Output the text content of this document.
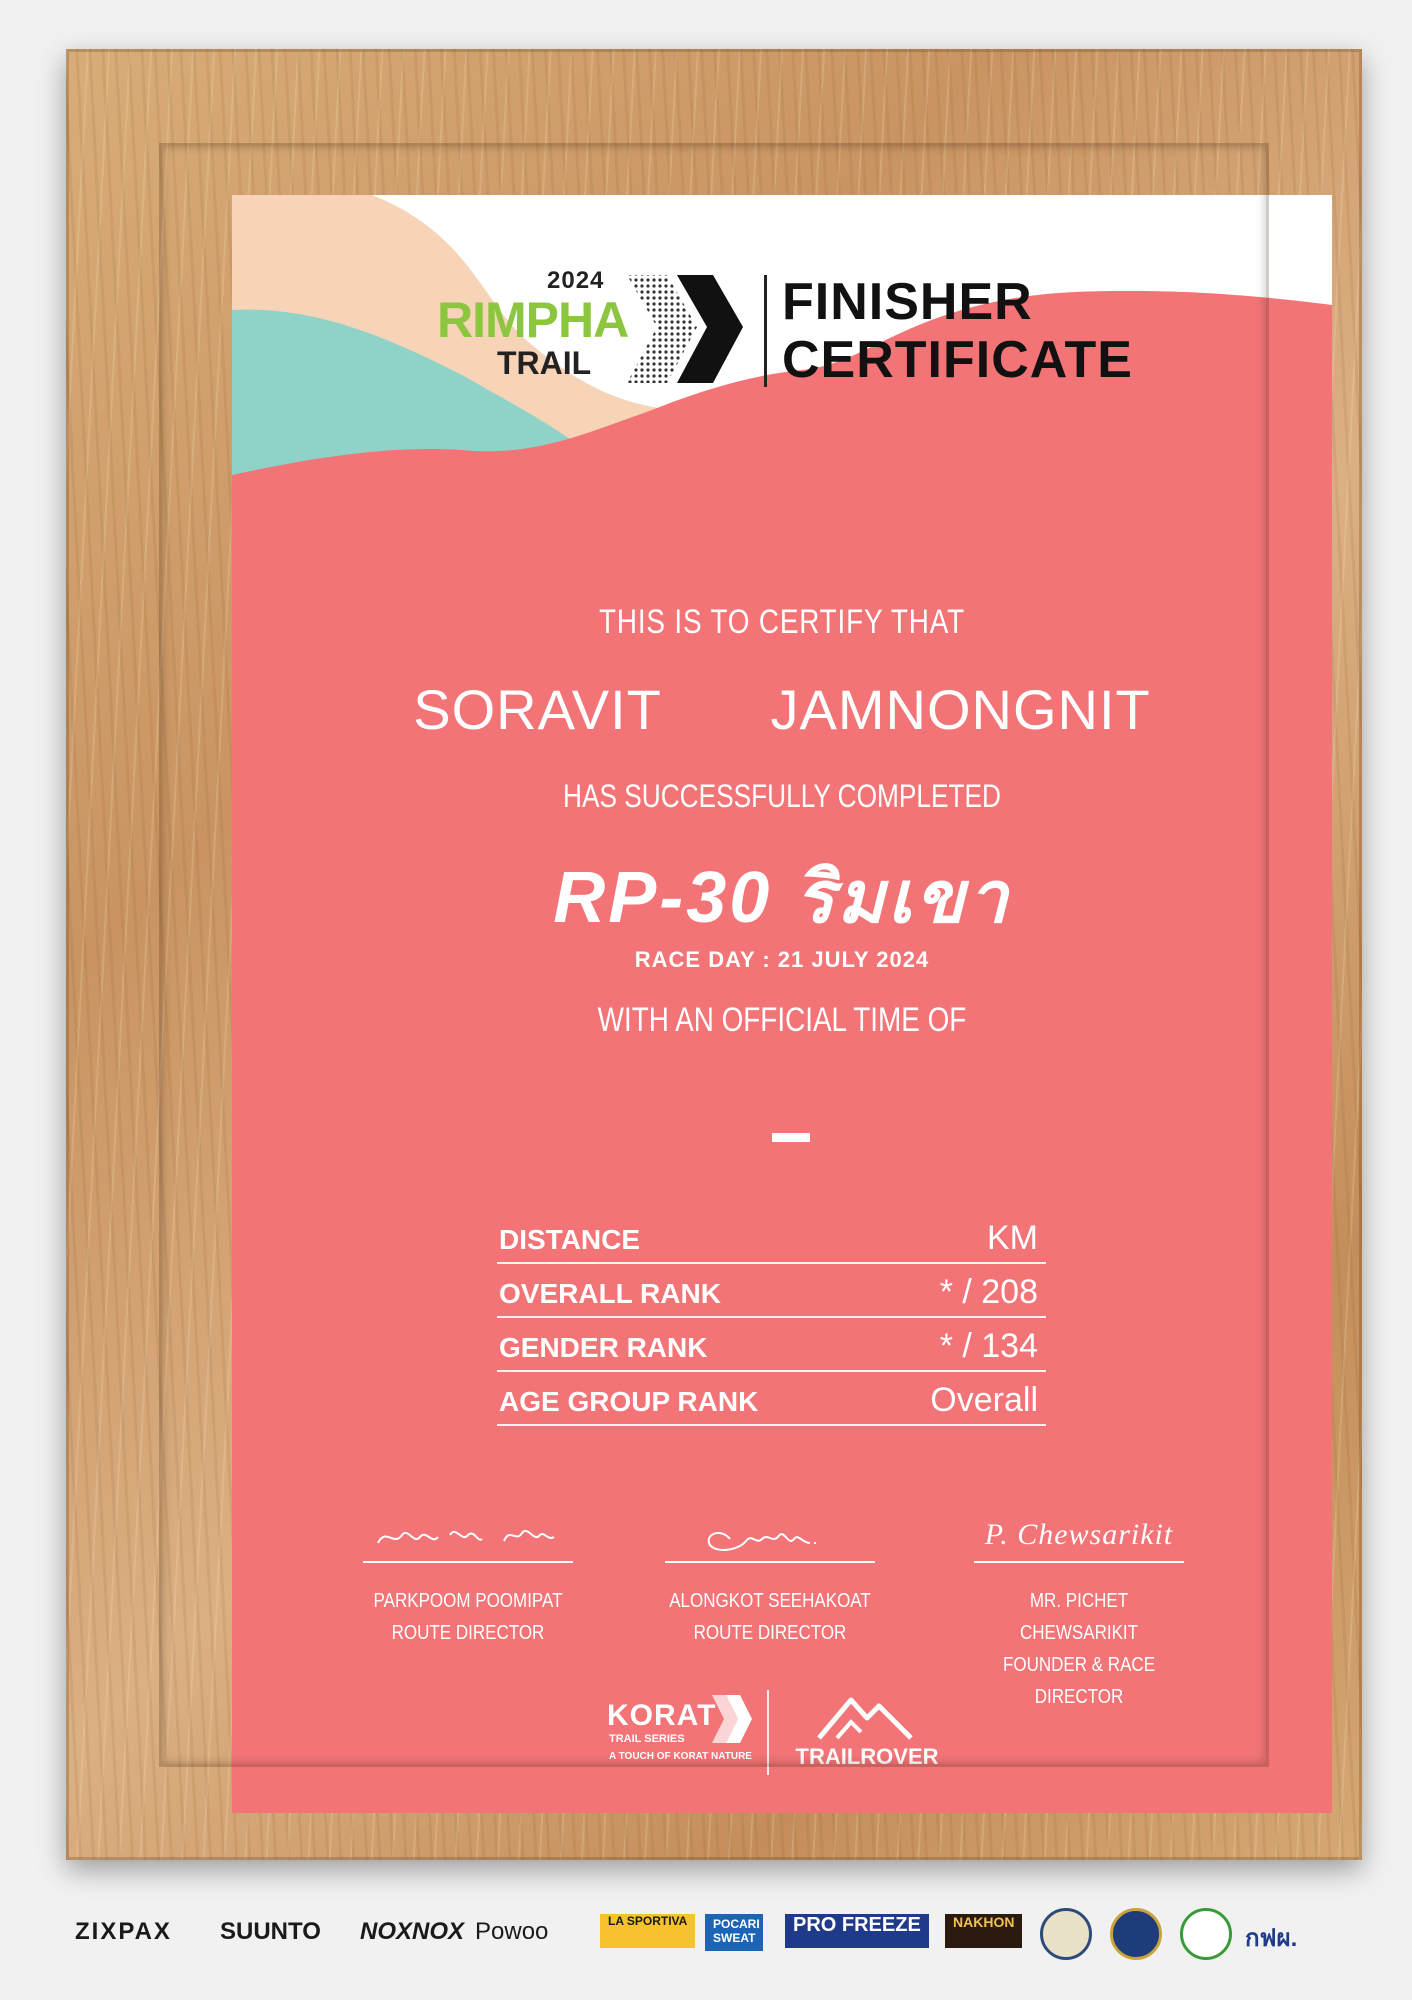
2024
RIMPHA
TRAIL
FINISHER
CERTIFICATE
THIS IS TO CERTIFY THAT
SORAVIT   JAMNONGNIT
HAS SUCCESSFULLY COMPLETED
RP-30 ริมเขา
RACE DAY : 21 JULY 2024
WITH AN OFFICIAL TIME OF
DISTANCE	KM
OVERALL RANK	* / 208
GENDER RANK	* / 134
AGE GROUP RANK	Overall
PARKPOOM POOMIPAT
ROUTE DIRECTOR
ALONGKOT SEEHAKOAT
ROUTE DIRECTOR
P. Chewsarikit
MR. PICHET CHEWSARIKIT
FOUNDER & RACE DIRECTOR
KORAT
TRAIL SERIES
A TOUCH OF KORAT NATURE	TRAILROVER
ZIXPAX SUUNTO NOXNOX Powoo	LA SPORTIVA	POCARI SWEAT
PRO FREEZE	NAKHON
กฟผ.
